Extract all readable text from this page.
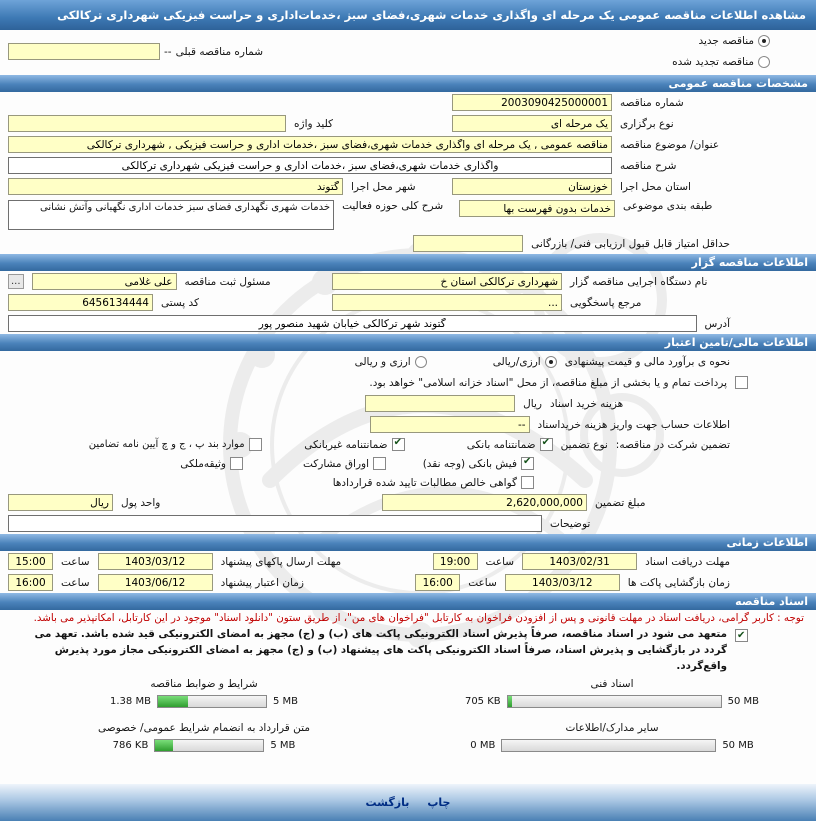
مشاهده اطلاعات مناقصه عمومی یک مرحله ای واگذاری خدمات شهری،فضای سبز ،خدمات‌اداری و حراست فیزیکی شهرداری ترکالکی
مناقصه جدید
مناقصه تجدید شده
شماره مناقصه قبلی
--
مشخصات مناقصه عمومی
شماره مناقصه
2003090425000001
نوع برگزاری
یک مرحله ای
کلید واژه
عنوان/ موضوع مناقصه
مناقصه عمومی , یک مرحله ای واگذاری خدمات شهری،فضای سبز ،خدمات اداری و حراست فیزیکی , شهرداری ترکالکی
شرح مناقصه
واگذاری خدمات شهری،فضای سبز ،خدمات اداری و حراست فیزیکی شهرداری ترکالکی
استان محل اجرا
خوزستان
شهر محل اجرا
گتوند
طبقه بندی موضوعی
خدمات بدون فهرست بها
شرح کلی حوزه فعالیت
خدمات شهری نگهداری فضای سبز خدمات اداری نگهبانی وآتش نشانی
حداقل امتیاز قابل قبول ارزیابی فنی/ بازرگانی
اطلاعات مناقصه گزار
نام دستگاه اجرایی مناقصه گزار
شهرداری ترکالکی استان خ
مسئول ثبت مناقصه
علی غلامی
...
مرجع پاسخگویی
...
کد پستی
6456134444
آدرس
گتوند شهر ترکالکی خیابان شهید منصور پور
اطلاعات مالی/تامین اعتبار
نحوه ی برآورد مالی و قیمت پیشنهادی
ارزی/ریالی
ارزی و ریالی
پرداخت تمام و یا بخشی از مبلغ مناقصه، از محل "اسناد خزانه اسلامی" خواهد بود.
هزینه خرید اسناد
ریال
اطلاعات حساب جهت واریز هزینه خریداسناد
--
تضمین شرکت در مناقصه:
نوع تضمین
✔
ضمانتنامه بانکی
✔
ضمانتنامه غیربانکی
موارد بند پ ، ج و چ آیین نامه تضامین
✔
فیش بانکی (وجه نقد)
اوراق مشارکت
وثیقه‌ملکی
گواهی خالص مطالبات تایید شده قراردادها
مبلغ تضمین
2,620,000,000
واحد پول
ریال
توضیحات
اطلاعات زمانی
مهلت دریافت اسناد
1403/02/31
ساعت
19:00
مهلت ارسال پاکهای پیشنهاد
1403/03/12
ساعت
15:00
زمان بازگشایی پاکت ها
1403/03/12
ساعت
16:00
زمان اعتبار پیشنهاد
1403/06/12
ساعت
16:00
اسناد مناقصه
توجه : کاربر گرامی، دریافت اسناد در مهلت قانونی و پس از افزودن فراخوان به کارتابل "فراخوان های من"، از طریق ستون "دانلود اسناد" موجود در این کارتابل، امکانپذیر می باشد.
✔
متعهد می شود در اسناد مناقصه، صرفاً پذیرش اسناد الکترونیکی پاکت های (ب) و (ج) مجهز به امضای الکترونیکی قید شده باشد. تعهد می گردد در بازگشایی و پذیرش اسناد، صرفاً اسناد الکترونیکی پاکت های پیشنهاد (ب) و (ج) مجهز به امضای الکترونیکی مجاز مورد پذیرش واقع‌گردد.
اسناد فنی
شرایط و ضوابط مناقصه
50 MB
705 KB
5 MB
1.38 MB
سایر مدارک/اطلاعات
متن قرارداد به انضمام شرایط عمومی/ خصوصی
50 MB
0 MB
5 MB
786 KB
چاپ
بازگشت
